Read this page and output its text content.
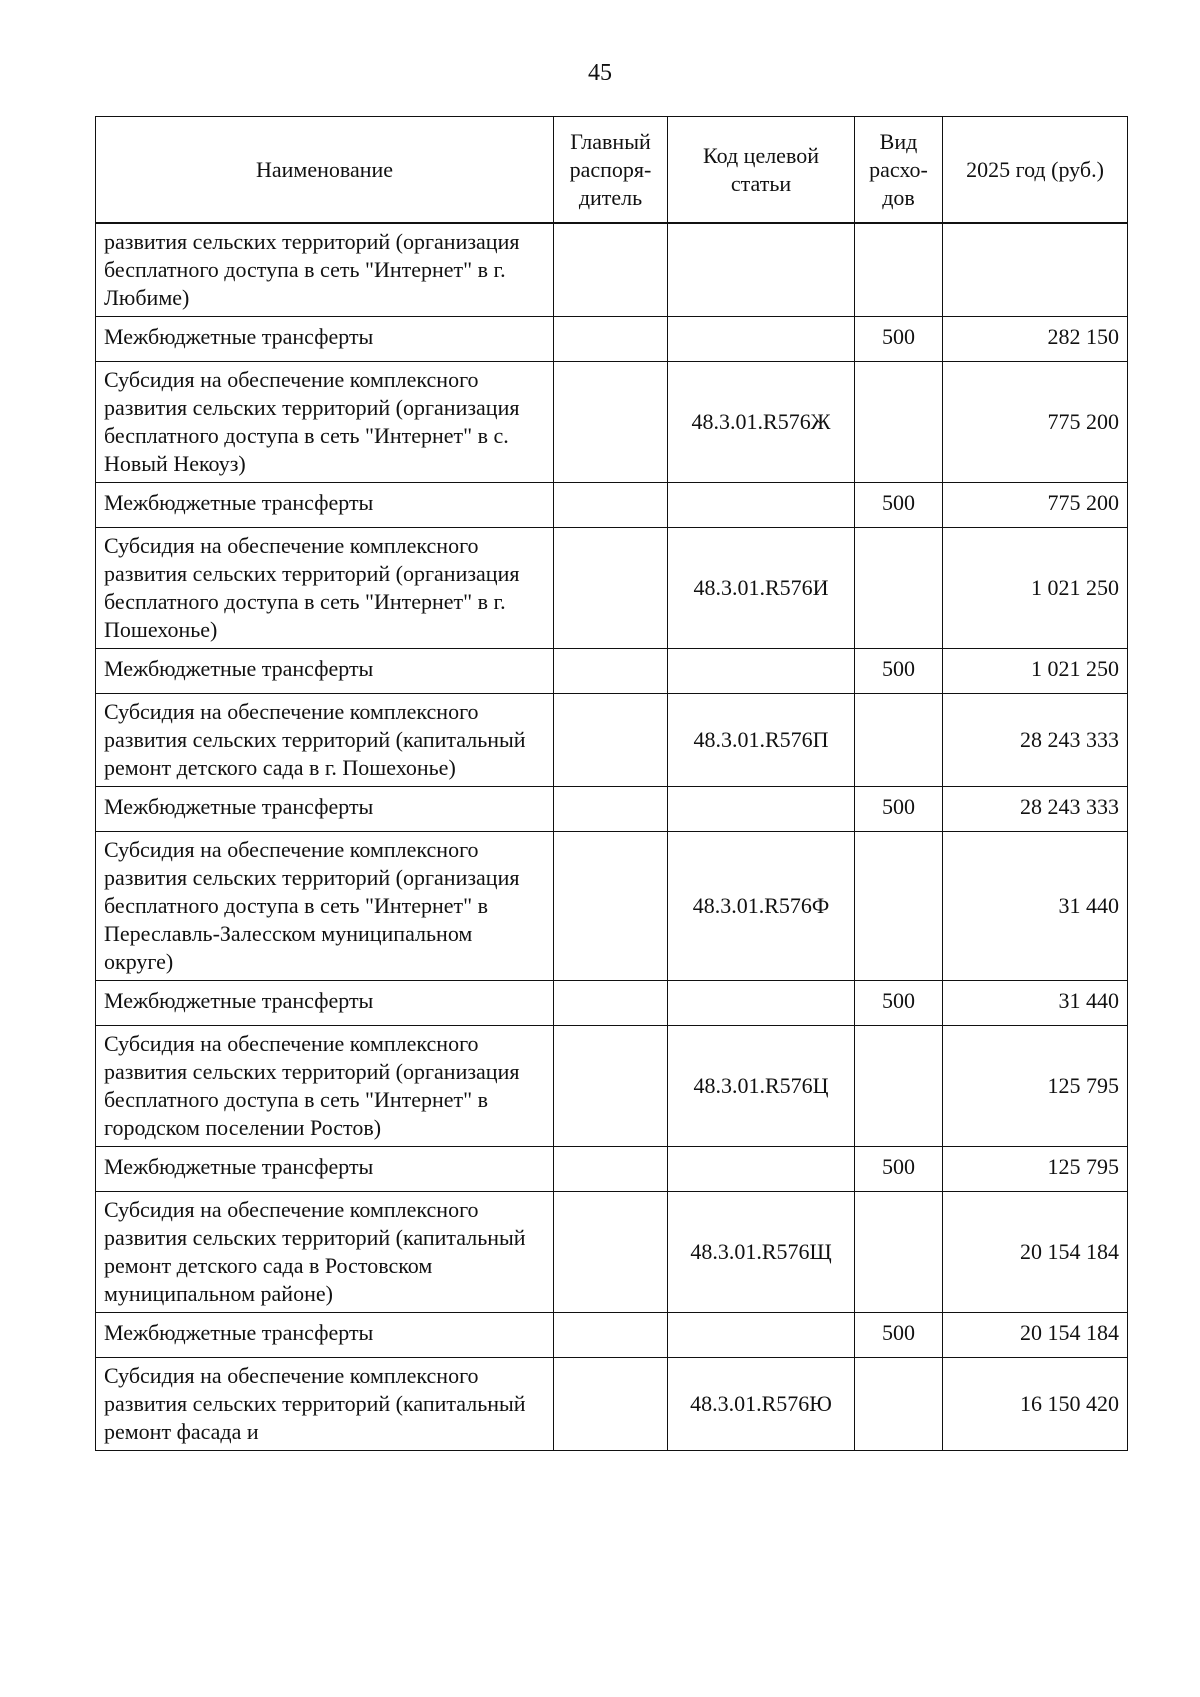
45
Наименование	Главный распоря-дитель	Код целевой статьи	Вид расхо-дов	2025 год (руб.)
развития сельских территорий (организация бесплатного доступа в сеть "Интернет" в г. Любиме)				
Межбюджетные трансферты			500	282 150
Субсидия на обеспечение комплексного развития сельских территорий (организация бесплатного доступа в сеть "Интернет" в с. Новый Некоуз)		48.3.01.R576Ж		775 200
Межбюджетные трансферты			500	775 200
Субсидия на обеспечение комплексного развития сельских территорий (организация бесплатного доступа в сеть "Интернет" в г. Пошехонье)		48.3.01.R576И		1 021 250
Межбюджетные трансферты			500	1 021 250
Субсидия на обеспечение комплексного развития сельских территорий (капитальный ремонт детского сада в г. Пошехонье)		48.3.01.R576П		28 243 333
Межбюджетные трансферты			500	28 243 333
Субсидия на обеспечение комплексного развития сельских территорий (организация бесплатного доступа в сеть "Интернет" в Переславль-Залесском муниципальном округе)		48.3.01.R576Ф		31 440
Межбюджетные трансферты			500	31 440
Субсидия на обеспечение комплексного развития сельских территорий (организация бесплатного доступа в сеть "Интернет" в городском поселении Ростов)		48.3.01.R576Ц		125 795
Межбюджетные трансферты			500	125 795
Субсидия на обеспечение комплексного развития сельских территорий (капитальный ремонт детского сада в Ростовском муниципальном районе)		48.3.01.R576Щ		20 154 184
Межбюджетные трансферты			500	20 154 184
Субсидия на обеспечение комплексного развития сельских территорий (капитальный ремонт фасада и		48.3.01.R576Ю		16 150 420
